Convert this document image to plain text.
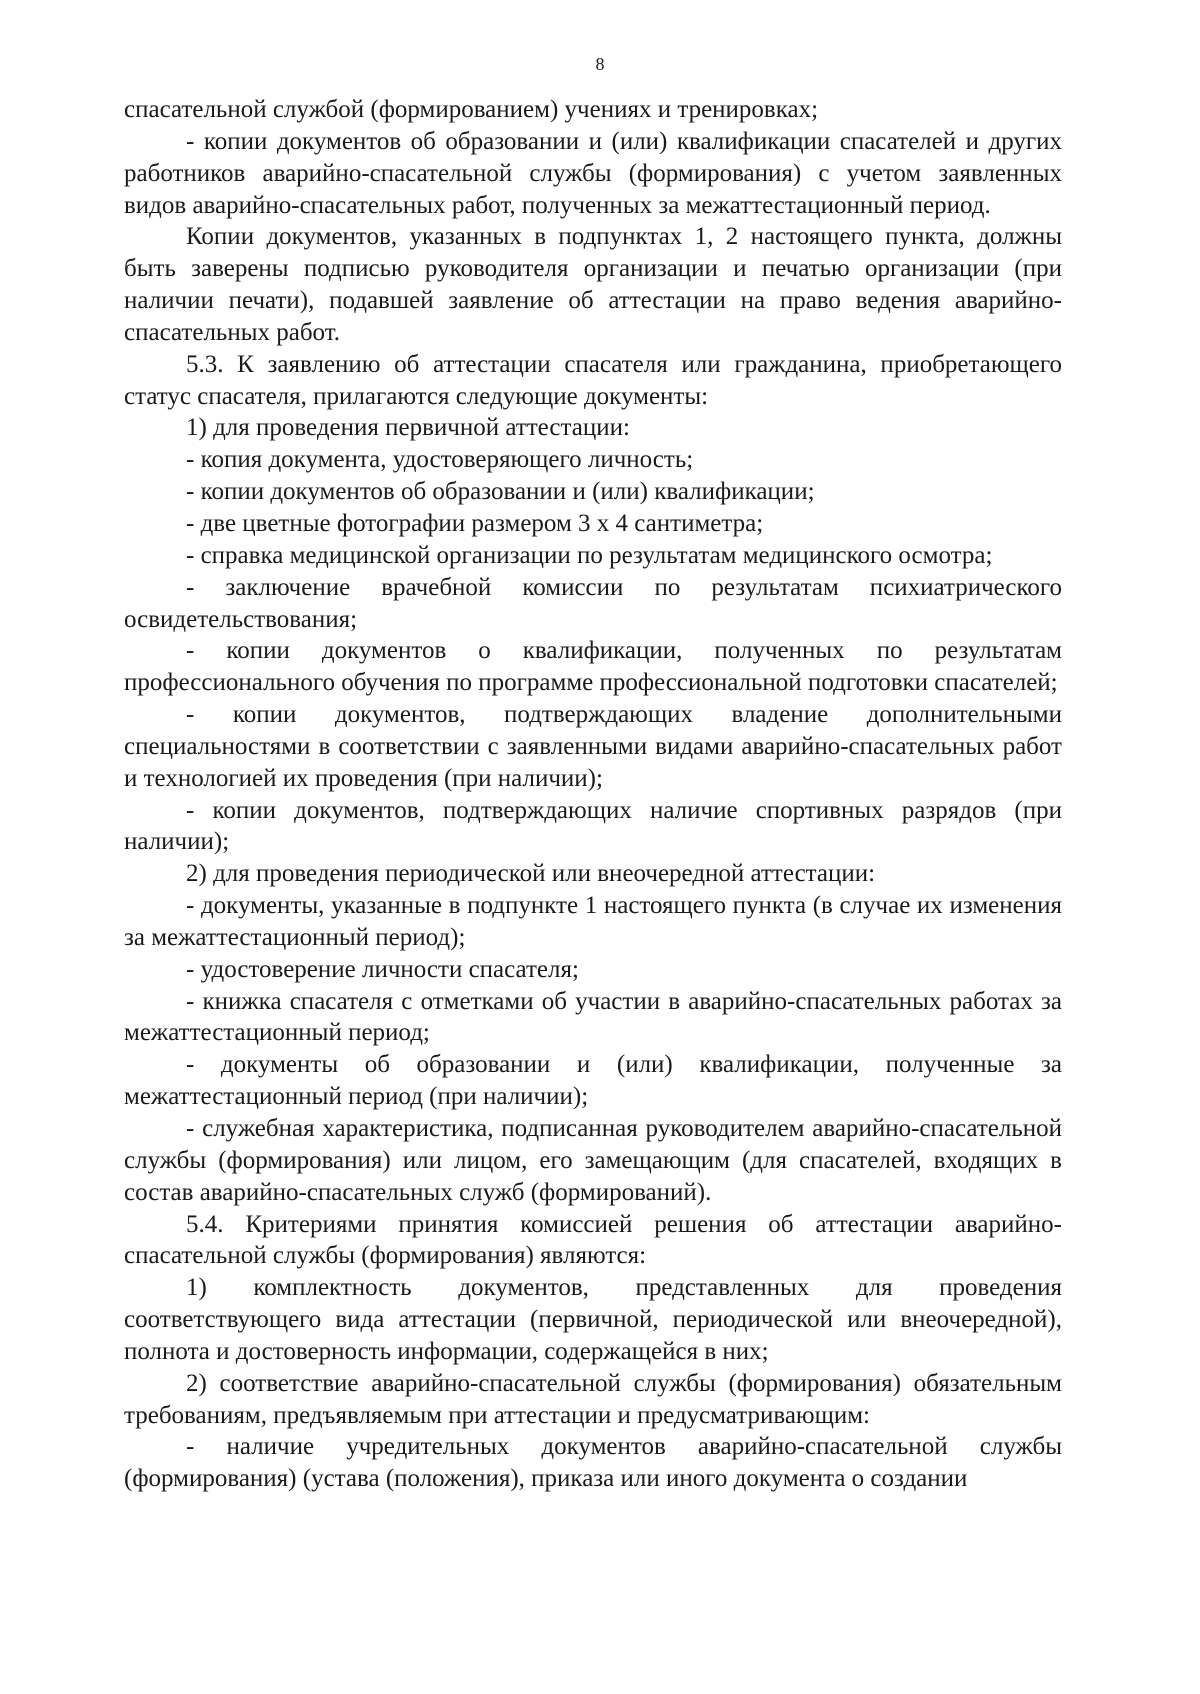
8

спасательной службой (формированием) учениях и тренировках;

- копии документов об образовании и (или) квалификации спасателей и других работников аварийно-спасательной службы (формирования) с учетом заявленных видов аварийно-спасательных работ, полученных за межаттестационный период.

Копии документов, указанных в подпунктах 1, 2 настоящего пункта, должны быть заверены подписью руководителя организации и печатью организации (при наличии печати), подавшей заявление об аттестации на право ведения аварийно-спасательных работ.

5.3. К заявлению об аттестации спасателя или гражданина, приобретающего статус спасателя, прилагаются следующие документы:

1) для проведения первичной аттестации:

- копия документа, удостоверяющего личность;

- копии документов об образовании и (или) квалификации;

- две цветные фотографии размером 3 х 4 сантиметра;

- справка медицинской организации по результатам медицинского осмотра;

- заключение врачебной комиссии по результатам психиатрического освидетельствования;

- копии документов о квалификации, полученных по результатам профессионального обучения по программе профессиональной подготовки спасателей;

- копии документов, подтверждающих владение дополнительными специальностями в соответствии с заявленными видами аварийно-спасательных работ и технологией их проведения (при наличии);

- копии документов, подтверждающих наличие спортивных разрядов (при наличии);

2) для проведения периодической или внеочередной аттестации:

- документы, указанные в подпункте 1 настоящего пункта (в случае их изменения за межаттестационный период);

- удостоверение личности спасателя;

- книжка спасателя с отметками об участии в аварийно-спасательных работах за межаттестационный период;

- документы об образовании и (или) квалификации, полученные за межаттестационный период (при наличии);

- служебная характеристика, подписанная руководителем аварийно-спасательной службы (формирования) или лицом, его замещающим (для спасателей, входящих в состав аварийно-спасательных служб (формирований).

5.4. Критериями принятия комиссией решения об аттестации аварийно-спасательной службы (формирования) являются:

1) комплектность документов, представленных для проведения соответствующего вида аттестации (первичной, периодической или внеочередной), полнота и достоверность информации, содержащейся в них;

2) соответствие аварийно-спасательной службы (формирования) обязательным требованиям, предъявляемым при аттестации и предусматривающим:

- наличие учредительных документов аварийно-спасательной службы (формирования) (устава (положения), приказа или иного документа о создании
